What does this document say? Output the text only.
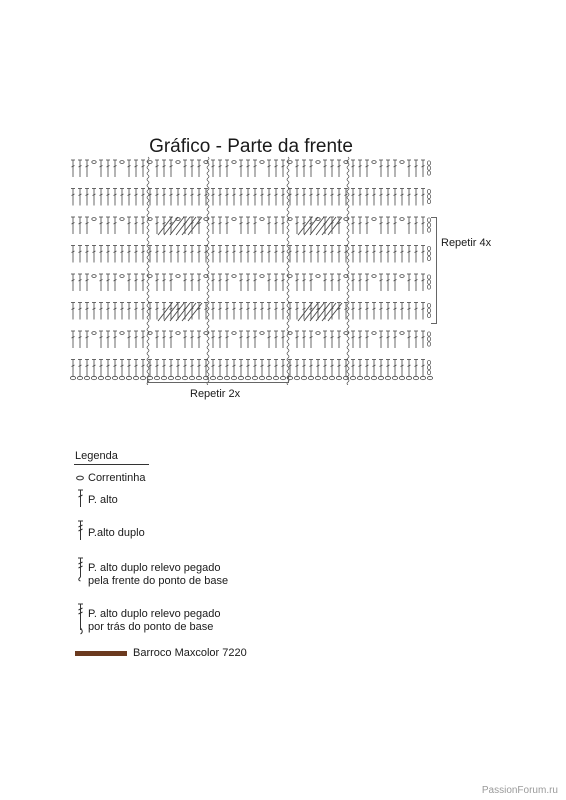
Gráfico - Parte da frente
Repetir 4x
Repetir 2x
Legenda
Correntinha
P. alto
P.alto duplo
P. alto duplo relevo pegado
pela frente do ponto de base
P. alto duplo relevo pegado
por trás do ponto de base
Barroco Maxcolor 7220
PassionForum.ru
